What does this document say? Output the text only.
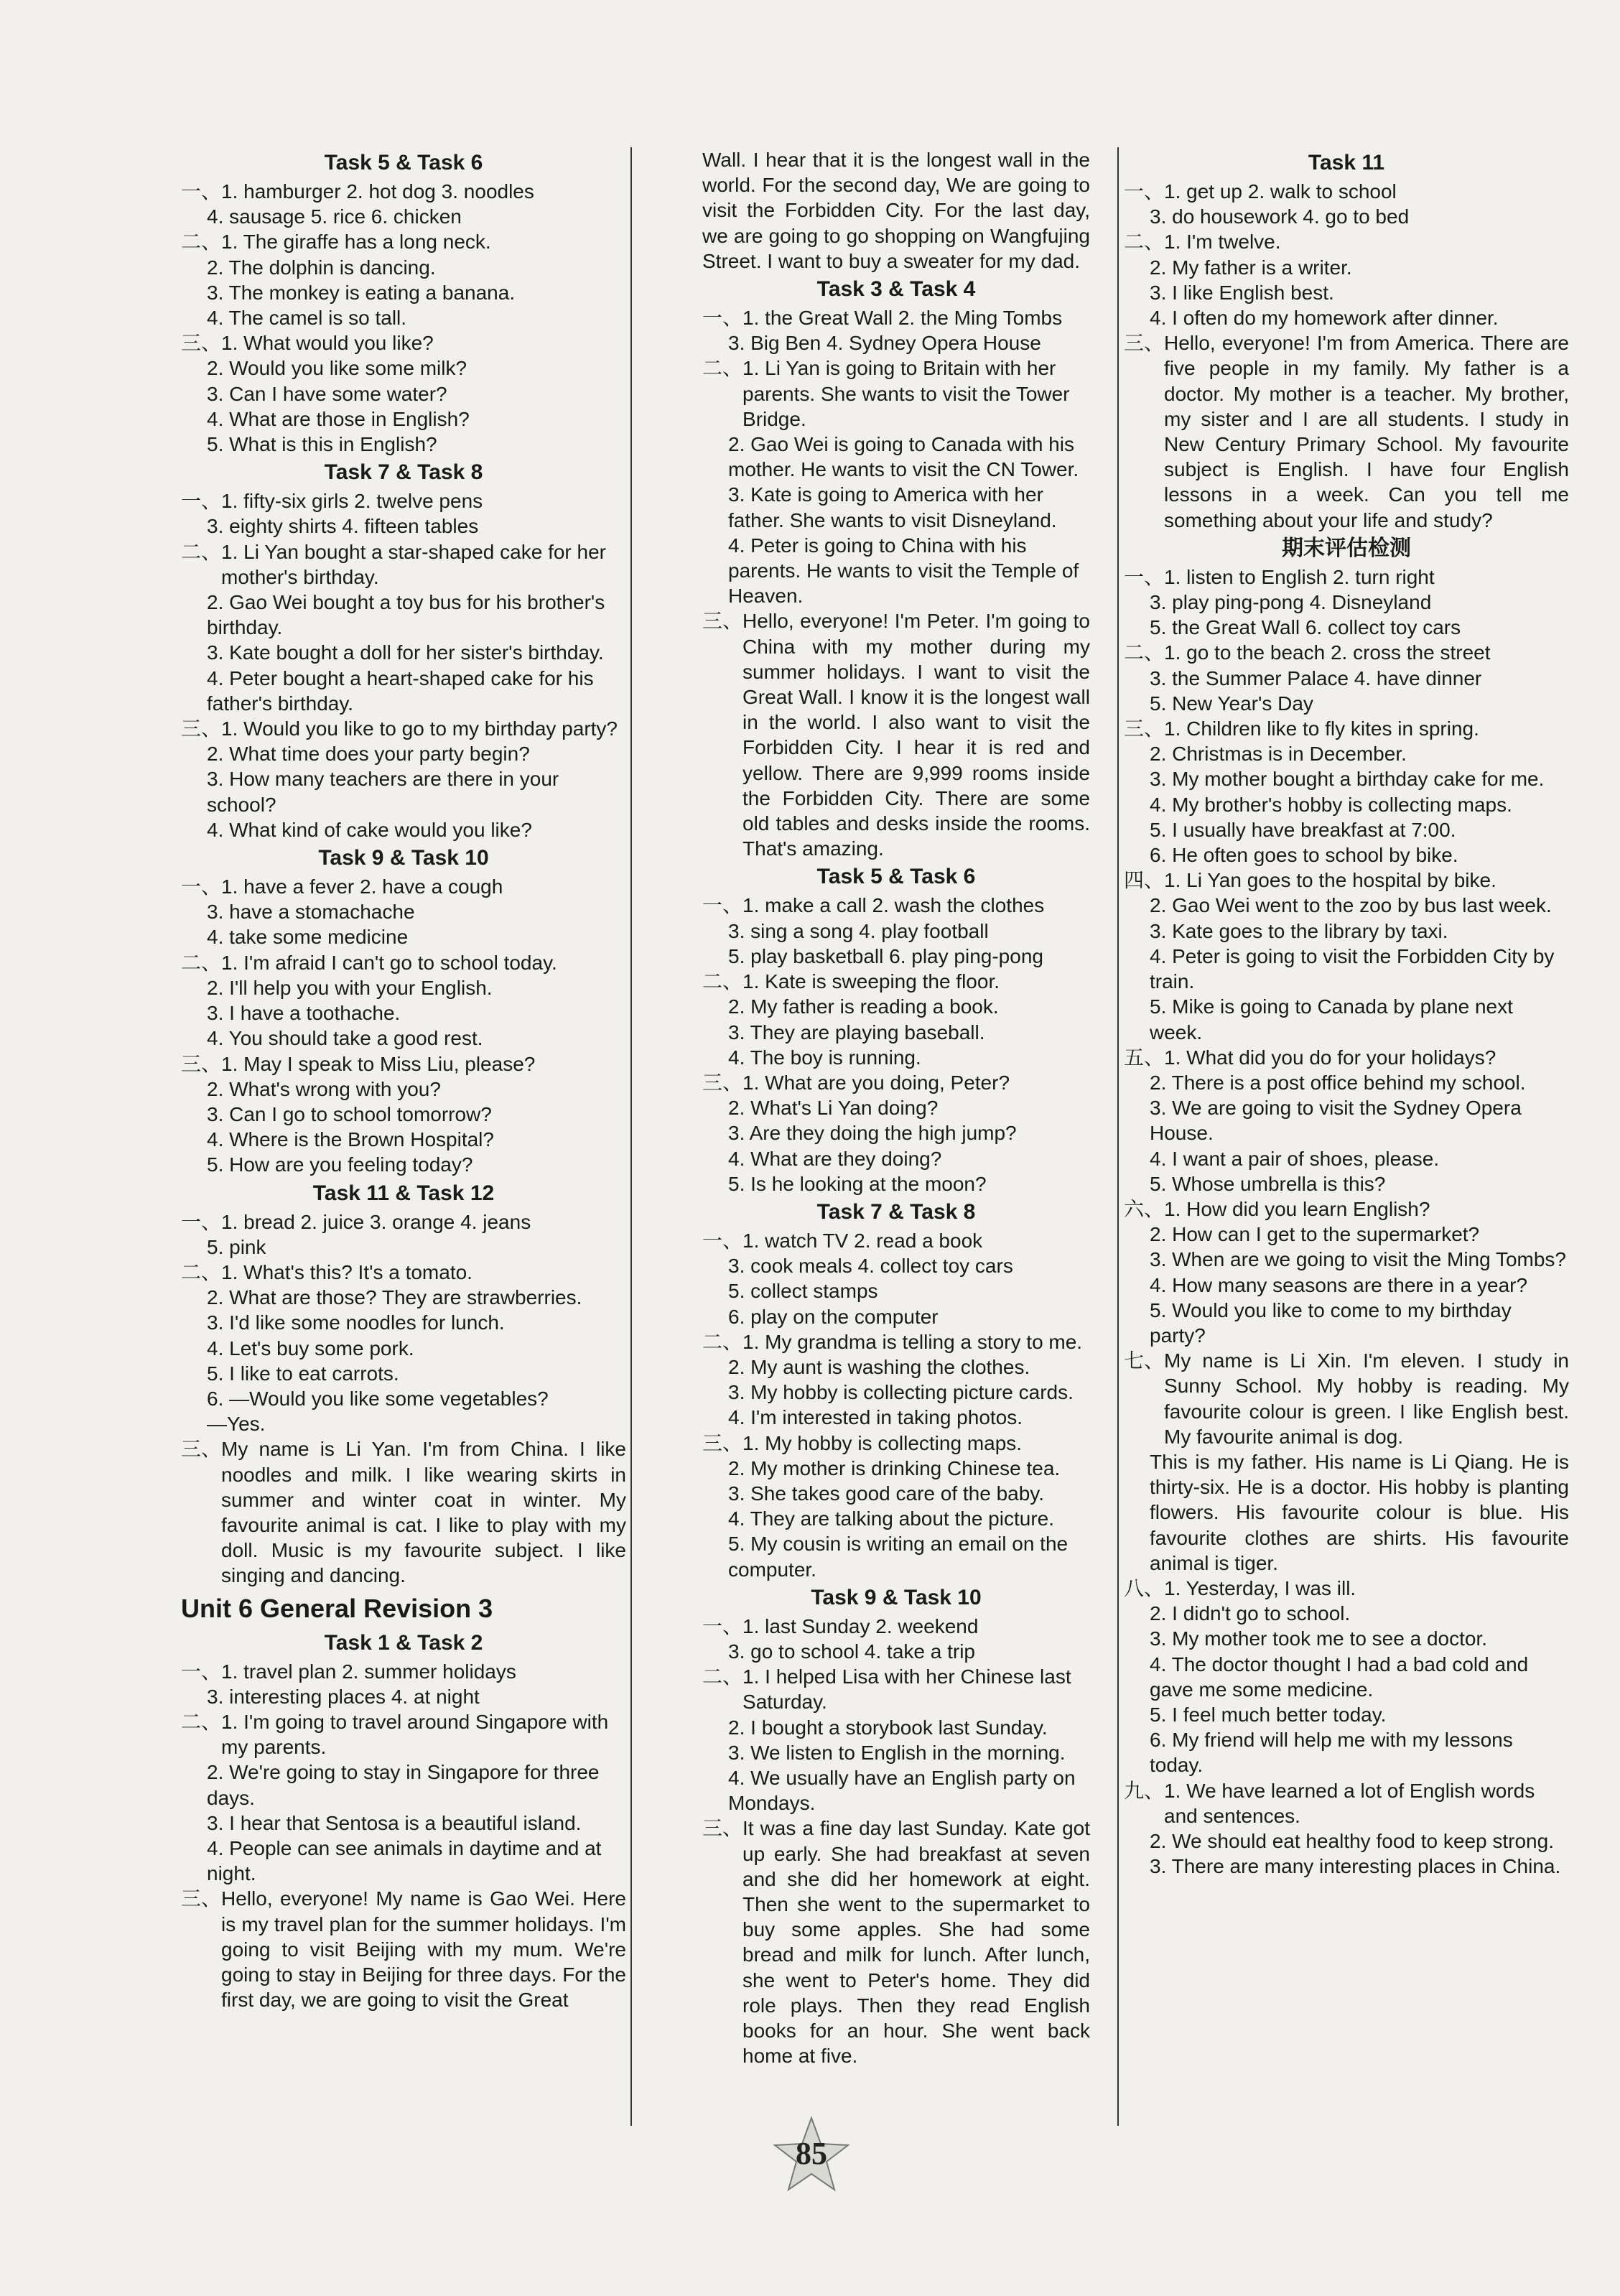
Task 5 & Task 6
一、 1. hamburger 2. hot dog 3. noodles
4. sausage 5. rice 6. chicken
二、 1. The giraffe has a long neck.
2. The dolphin is dancing.
3. The monkey is eating a banana.
4. The camel is so tall.
三、 1. What would you like?
2. Would you like some milk?
3. Can I have some water?
4. What are those in English?
5. What is this in English?
Task 7 & Task 8
一、 1. fifty-six girls 2. twelve pens
3. eighty shirts 4. fifteen tables
二、 1. Li Yan bought a star-shaped cake for her mother's birthday.
2. Gao Wei bought a toy bus for his brother's birthday.
3. Kate bought a doll for her sister's birthday.
4. Peter bought a heart-shaped cake for his father's birthday.
三、 1. Would you like to go to my birthday party?
2. What time does your party begin?
3. How many teachers are there in your school?
4. What kind of cake would you like?
Task 9 & Task 10
一、 1. have a fever 2. have a cough
3. have a stomachache
4. take some medicine
二、 1. I'm afraid I can't go to school today.
2. I'll help you with your English.
3. I have a toothache.
4. You should take a good rest.
三、 1. May I speak to Miss Liu, please?
2. What's wrong with you?
3. Can I go to school tomorrow?
4. Where is the Brown Hospital?
5. How are you feeling today?
Task 11 & Task 12
一、 1. bread 2. juice 3. orange 4. jeans
5. pink
二、 1. What's this? It's a tomato.
2. What are those? They are strawberries.
3. I'd like some noodles for lunch.
4. Let's buy some pork.
5. I like to eat carrots.
6. —Would you like some vegetables?
—Yes.
三、 My name is Li Yan. I'm from China. I like noodles and milk. I like wearing skirts in summer and winter coat in winter. My favourite animal is cat. I like to play with my doll. Music is my favourite subject. I like singing and dancing.
Unit 6 General Revision 3
Task 1 & Task 2
一、 1. travel plan 2. summer holidays
3. interesting places 4. at night
二、 1. I'm going to travel around Singapore with my parents.
2. We're going to stay in Singapore for three days.
3. I hear that Sentosa is a beautiful island.
4. People can see animals in daytime and at night.
三、 Hello, everyone! My name is Gao Wei. Here is my travel plan for the summer holidays. I'm going to visit Beijing with my mum. We're going to stay in Beijing for three days. For the first day, we are going to visit the Great
Wall. I hear that it is the longest wall in the world. For the second day, We are going to visit the Forbidden City. For the last day, we are going to go shopping on Wangfujing Street. I want to buy a sweater for my dad.
Task 3 & Task 4
一、 1. the Great Wall 2. the Ming Tombs
3. Big Ben 4. Sydney Opera House
二、 1. Li Yan is going to Britain with her parents. She wants to visit the Tower Bridge.
2. Gao Wei is going to Canada with his mother. He wants to visit the CN Tower.
3. Kate is going to America with her father. She wants to visit Disneyland.
4. Peter is going to China with his parents. He wants to visit the Temple of Heaven.
三、 Hello, everyone! I'm Peter. I'm going to China with my mother during my summer holidays. I want to visit the Great Wall. I know it is the longest wall in the world. I also want to visit the Forbidden City. I hear it is red and yellow. There are 9,999 rooms inside the Forbidden City. There are some old tables and desks inside the rooms. That's amazing.
Task 5 & Task 6
一、 1. make a call 2. wash the clothes
3. sing a song 4. play football
5. play basketball 6. play ping-pong
二、 1. Kate is sweeping the floor.
2. My father is reading a book.
3. They are playing baseball.
4. The boy is running.
三、 1. What are you doing, Peter?
2. What's Li Yan doing?
3. Are they doing the high jump?
4. What are they doing?
5. Is he looking at the moon?
Task 7 & Task 8
一、 1. watch TV 2. read a book
3. cook meals 4. collect toy cars
5. collect stamps
6. play on the computer
二、 1. My grandma is telling a story to me.
2. My aunt is washing the clothes.
3. My hobby is collecting picture cards.
4. I'm interested in taking photos.
三、 1. My hobby is collecting maps.
2. My mother is drinking Chinese tea.
3. She takes good care of the baby.
4. They are talking about the picture.
5. My cousin is writing an email on the computer.
Task 9 & Task 10
一、 1. last Sunday 2. weekend
3. go to school 4. take a trip
二、 1. I helped Lisa with her Chinese last Saturday.
2. I bought a storybook last Sunday.
3. We listen to English in the morning.
4. We usually have an English party on Mondays.
三、 It was a fine day last Sunday. Kate got up early. She had breakfast at seven and she did her homework at eight. Then she went to the supermarket to buy some apples. She had some bread and milk for lunch. After lunch, she went to Peter's home. They did role plays. Then they read English books for an hour. She went back home at five.
Task 11
一、 1. get up 2. walk to school
3. do housework 4. go to bed
二、 1. I'm twelve.
2. My father is a writer.
3. I like English best.
4. I often do my homework after dinner.
三、 Hello, everyone! I'm from America. There are five people in my family. My father is a doctor. My mother is a teacher. My brother, my sister and I are all students. I study in New Century Primary School. My favourite subject is English. I have four English lessons in a week. Can you tell me something about your life and study?
期末评估检测
一、 1. listen to English 2. turn right
3. play ping-pong 4. Disneyland
5. the Great Wall 6. collect toy cars
二、 1. go to the beach 2. cross the street
3. the Summer Palace 4. have dinner
5. New Year's Day
三、 1. Children like to fly kites in spring.
2. Christmas is in December.
3. My mother bought a birthday cake for me.
4. My brother's hobby is collecting maps.
5. I usually have breakfast at 7:00.
6. He often goes to school by bike.
四、 1. Li Yan goes to the hospital by bike.
2. Gao Wei went to the zoo by bus last week.
3. Kate goes to the library by taxi.
4. Peter is going to visit the Forbidden City by train.
5. Mike is going to Canada by plane next week.
五、 1. What did you do for your holidays?
2. There is a post office behind my school.
3. We are going to visit the Sydney Opera House.
4. I want a pair of shoes, please.
5. Whose umbrella is this?
六、 1. How did you learn English?
2. How can I get to the supermarket?
3. When are we going to visit the Ming Tombs?
4. How many seasons are there in a year?
5. Would you like to come to my birthday party?
七、 My name is Li Xin. I'm eleven. I study in Sunny School. My hobby is reading. My favourite colour is green. I like English best. My favourite animal is dog.
This is my father. His name is Li Qiang. He is thirty-six. He is a doctor. His hobby is planting flowers. His favourite colour is blue. His favourite clothes are shirts. His favourite animal is tiger.
八、 1. Yesterday, I was ill.
2. I didn't go to school.
3. My mother took me to see a doctor.
4. The doctor thought I had a bad cold and gave me some medicine.
5. I feel much better today.
6. My friend will help me with my lessons today.
九、 1. We have learned a lot of English words and sentences.
2. We should eat healthy food to keep strong.
3. There are many interesting places in China.
85
